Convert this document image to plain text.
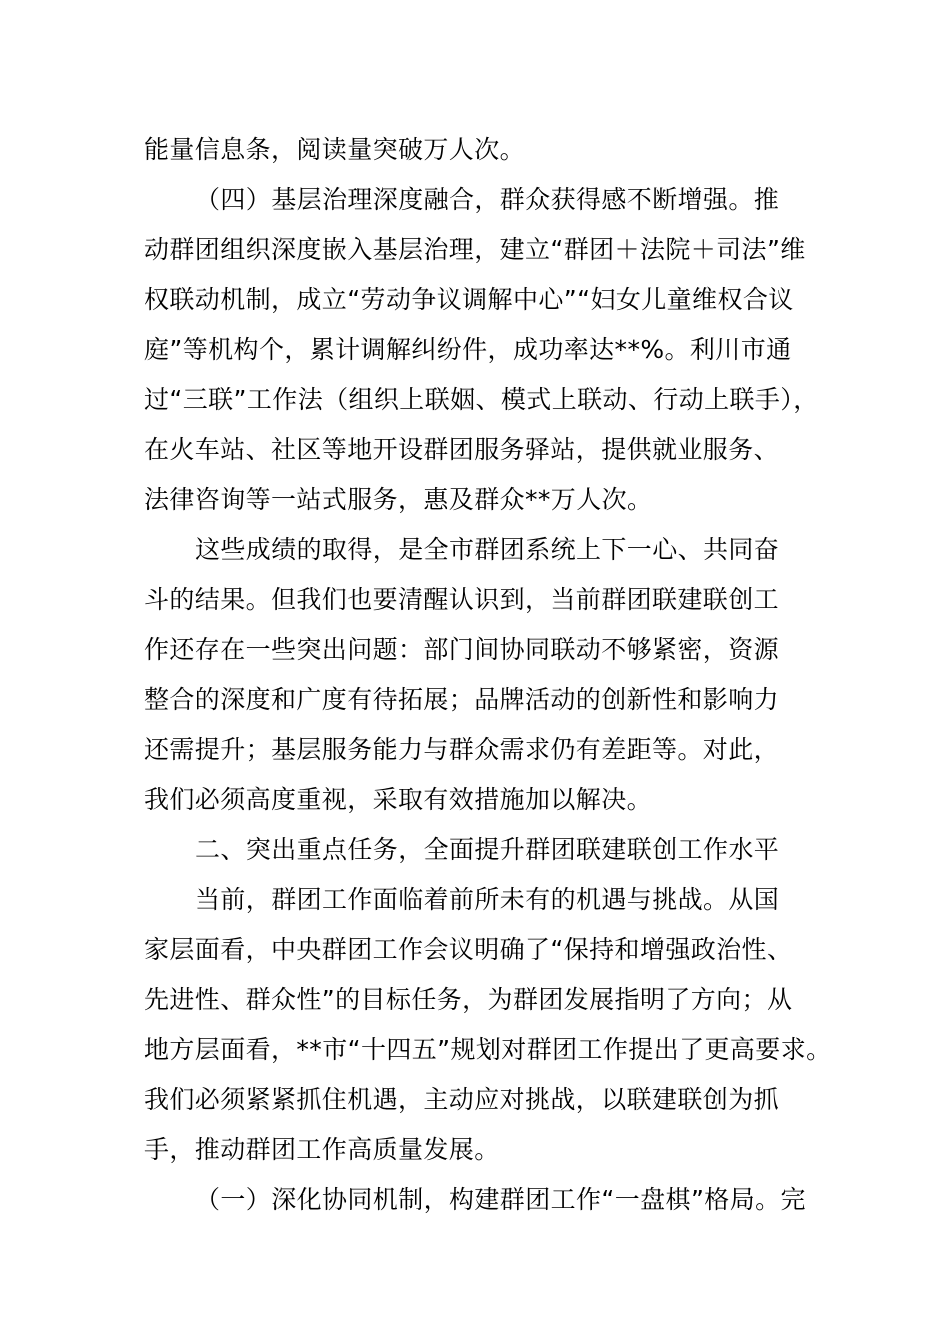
能量信息条，阅读量突破万人次。
（四）基层治理深度融合，群众获得感不断增强。推
动群团组织深度嵌入基层治理，建立“群团＋法院＋司法”维
权联动机制，成立“劳动争议调解中心”“妇女儿童维权合议
庭”等机构个，累计调解纠纷件，成功率达**%。利川市通
过“三联”工作法（组织上联姻、模式上联动、行动上联手），
在火车站、社区等地开设群团服务驿站，提供就业服务、
法律咨询等一站式服务，惠及群众**万人次。
这些成绩的取得，是全市群团系统上下一心、共同奋
斗的结果。但我们也要清醒认识到，当前群团联建联创工
作还存在一些突出问题：部门间协同联动不够紧密，资源
整合的深度和广度有待拓展；品牌活动的创新性和影响力
还需提升；基层服务能力与群众需求仍有差距等。对此，
我们必须高度重视，采取有效措施加以解决。
二、突出重点任务，全面提升群团联建联创工作水平
当前，群团工作面临着前所未有的机遇与挑战。从国
家层面看，中央群团工作会议明确了“保持和增强政治性、
先进性、群众性”的目标任务，为群团发展指明了方向；从
地方层面看，**市“十四五”规划对群团工作提出了更高要求。
我们必须紧紧抓住机遇，主动应对挑战，以联建联创为抓
手，推动群团工作高质量发展。
（一）深化协同机制，构建群团工作“一盘棋”格局。完
